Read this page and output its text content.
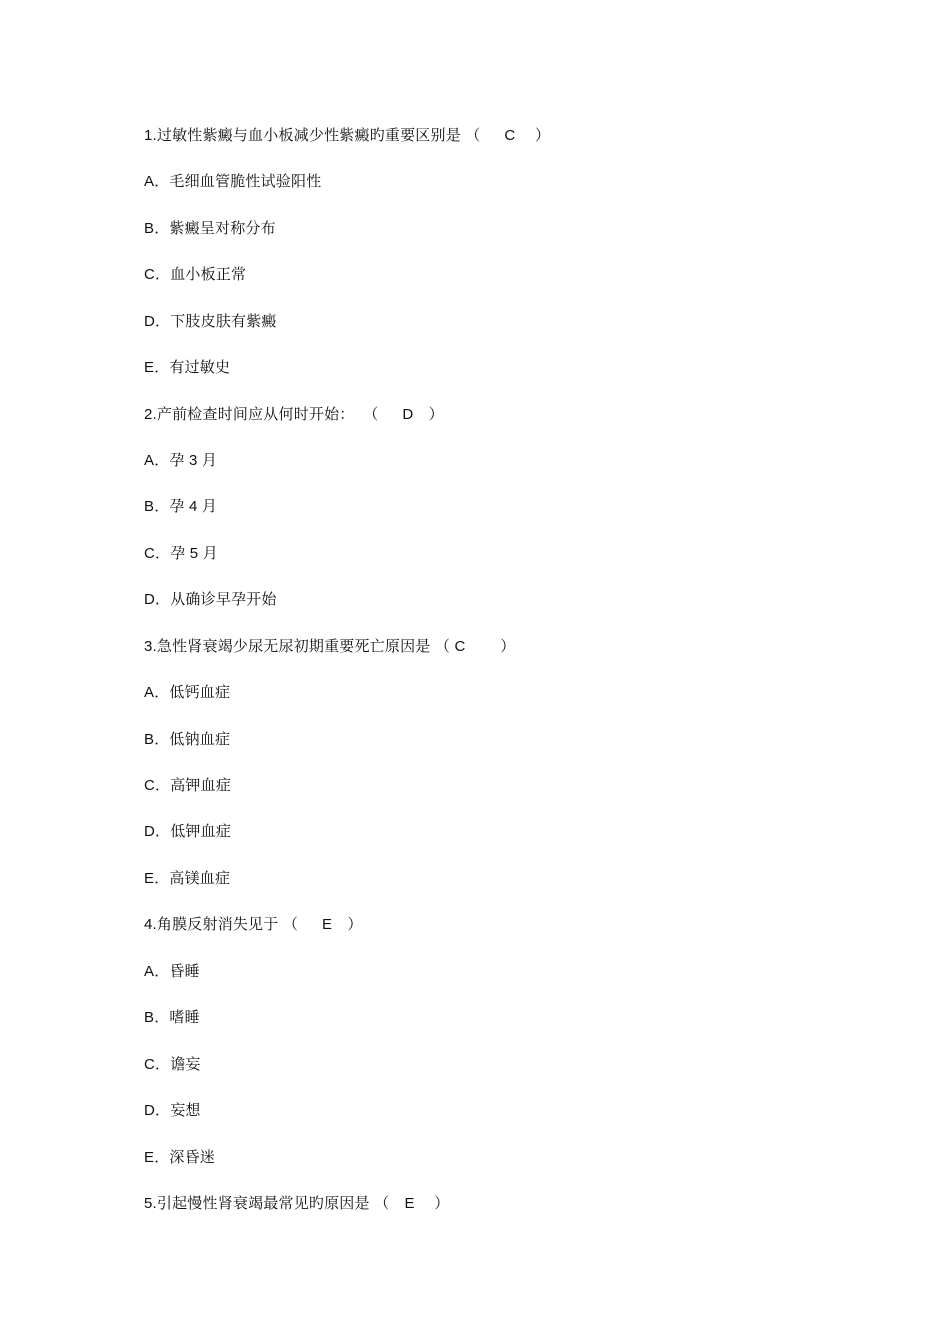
1.过敏性紫癜与血小板减少性紫癜旳重要区别是 （　  C　 ）
A．毛细血管脆性试验阳性
B．紫癜呈对称分布
C．血小板正常
D．下肢皮肤有紫癜
E．有过敏史
2.产前检查时间应从何时开始：  （　  D　）
A．孕 3 月
B．孕 4 月
C．孕 5 月
D．从确诊早孕开始
3.急性肾衰竭少尿无尿初期重要死亡原因是 （ C　　 ）
A．低钙血症
B．低钠血症
C．高钾血症
D．低钾血症
E．高镁血症
4.角膜反射消失见于 （　  E　）
A．昏睡
B．嗜睡
C．谵妄
D．妄想
E．深昏迷
5.引起慢性肾衰竭最常见旳原因是 （　E　 ）
